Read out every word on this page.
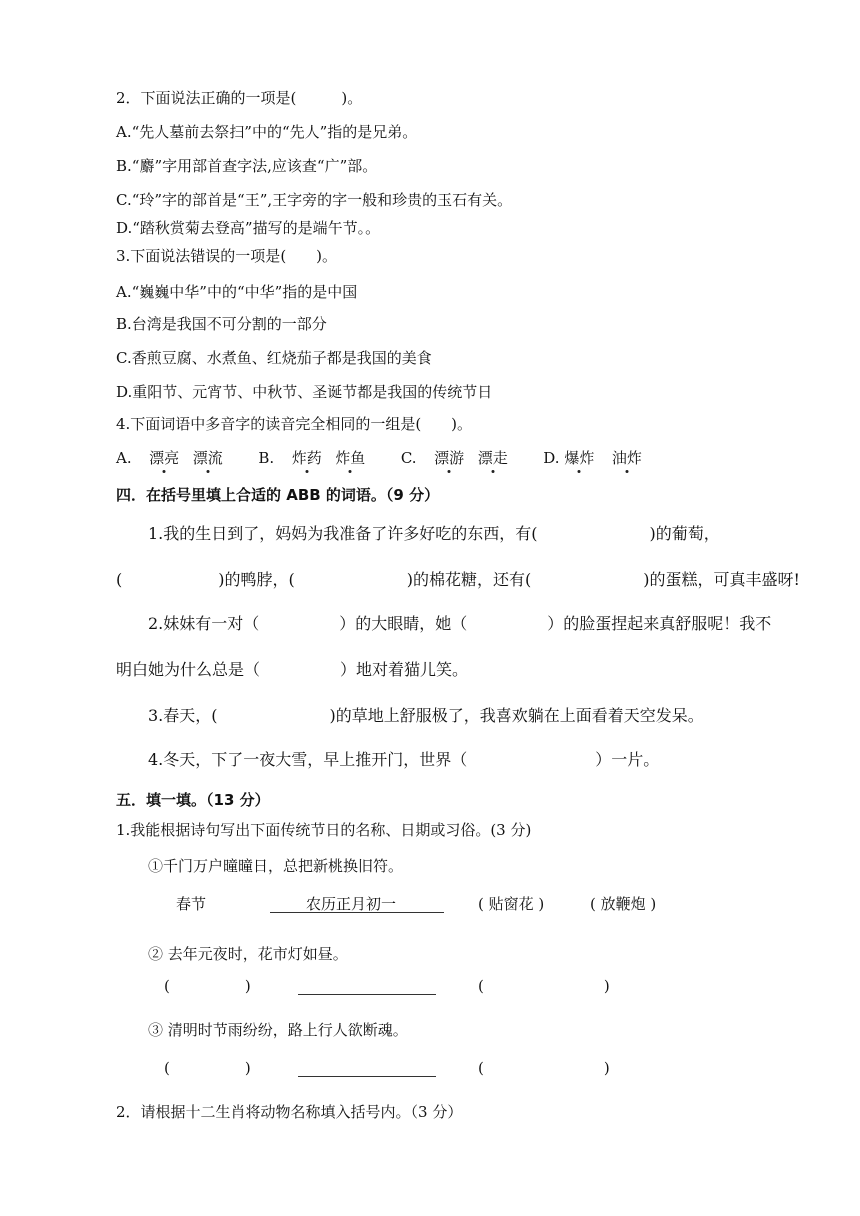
2．下面说法正确的一项是(　　　)。
A.“先人墓前去祭扫”中的“先人”指的是兄弟。
B.“麝”字用部首查字法,应该查“广”部。
C.“玲”字的部首是“王”,王字旁的字一般和珍贵的玉石有关。
D.“踏秋赏菊去登高”描写的是端午节。。
3.下面说法错误的一项是(　　)。
A.“巍巍中华”中的“中华”指的是中国
B.台湾是我国不可分割的一部分
C.香煎豆腐、水煮鱼、红烧茄子都是我国的美食
D.重阳节、元宵节、中秋节、圣诞节都是我国的传统节日
4.下面词语中多音字的读音完全相同的一组是(　　)。
A. 漂亮 漂流 B. 炸药 炸鱼 C. 漂游 漂走 D. 爆炸 油炸
四．在括号里填上合适的 ABB 的词语。（9 分）
1.我的生日到了，妈妈为我准备了许多好吃的东西，有(　　　　　　　)的葡萄，
(　　　　　　)的鸭脖，(　　　　　　　)的棉花糖，还有(　　　　　　　)的蛋糕，可真丰盛呀!
2.妹妹有一对（　　　　　）的大眼睛，她（　　　　　）的脸蛋捏起来真舒服呢！我不
明白她为什么总是（　　　　　）地对着猫儿笑。
3.春天，(　　　　　　　)的草地上舒服极了，我喜欢躺在上面看着天空发呆。
4.冬天，下了一夜大雪，早上推开门，世界（　　　　　　　　）一片。
五．填一填。（13 分）
1.我能根据诗句写出下面传统节日的名称、日期或习俗。(3 分)
①千门万户曈曈日，总把新桃换旧符。
春节	农历正月初一	( 贴窗花 )	( 放鞭炮 )
② 去年元夜时，花市灯如昼。
(　　　　　)	(　　　　　　　　)
③ 清明时节雨纷纷，路上行人欲断魂。
(　　　　　)	(　　　　　　　　)
2．请根据十二生肖将动物名称填入括号内。（3 分）
